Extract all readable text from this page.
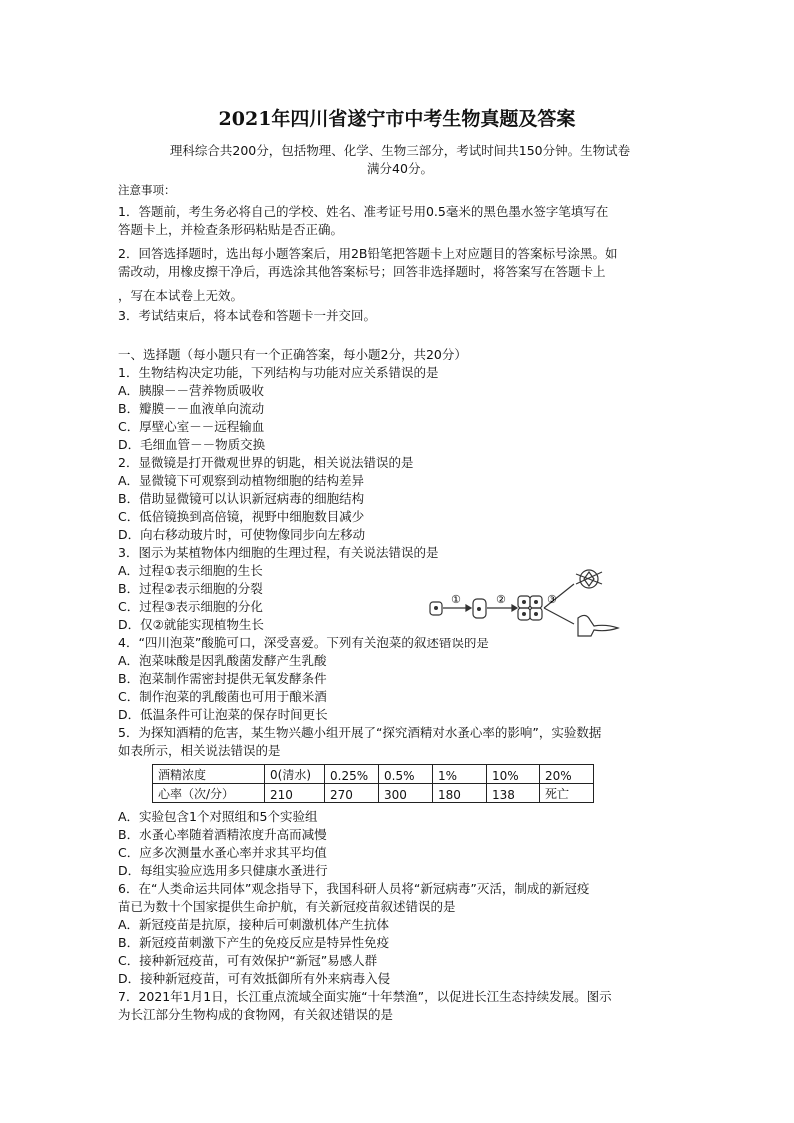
2021年四川省遂宁市中考生物真题及答案
理科综合共200分，包括物理、化学、生物三部分，考试时间共150分钟。生物试卷
满分40分。
注意事项：
1．答题前，考生务必将自己的学校、姓名、准考证号用0.5毫米的黑色墨水签字笔填写在
答题卡上，并检查条形码粘贴是否正确。
2．回答选择题时，选出每小题答案后，用2B铅笔把答题卡上对应题目的答案标号涂黑。如
需改动，用橡皮擦干净后，再选涂其他答案标号；回答非选择题时，将答案写在答题卡上
，写在本试卷上无效。
3．考试结束后，将本试卷和答题卡一并交回。
一、选择题（每小题只有一个正确答案，每小题2分，共20分）
1．生物结构决定功能，下列结构与功能对应关系错误的是
A．胰腺－－营养物质吸收
B．瓣膜－－血液单向流动
C．厚壁心室－－远程输血
D．毛细血管－－物质交换
2．显微镜是打开微观世界的钥匙，相关说法错误的是
A．显微镜下可观察到动植物细胞的结构差异
B．借助显微镜可以认识新冠病毒的细胞结构
C．低倍镜换到高倍镜，视野中细胞数目减少
D．向右移动玻片时，可使物像同步向左移动
3．图示为某植物体内细胞的生理过程，有关说法错误的是
A．过程①表示细胞的生长
B．过程②表示细胞的分裂
C．过程③表示细胞的分化
D．仅②就能实现植物生长
4．“四川泡菜”酸脆可口，深受喜爱。下列有关泡菜的叙述错误的是
A．泡菜味酸是因乳酸菌发酵产生乳酸
B．泡菜制作需密封提供无氧发酵条件
C．制作泡菜的乳酸菌也可用于酿米酒
D．低温条件可让泡菜的保存时间更长
5．为探知酒精的危害，某生物兴趣小组开展了“探究酒精对水蚤心率的影响”，实验数据
如表所示，相关说法错误的是
酒精浓度	0(清水)	0.25%	0.5%	1%	10%	20%
心率（次/分）	210	270	300	180	138	死亡
A．实验包含1个对照组和5个实验组
B．水蚤心率随着酒精浓度升高而减慢
C．应多次测量水蚤心率并求其平均值
D．每组实验应选用多只健康水蚤进行
6．在“人类命运共同体”观念指导下，我国科研人员将“新冠病毒”灭活，制成的新冠疫
苗已为数十个国家提供生命护航，有关新冠疫苗叙述错误的是
A．新冠疫苗是抗原，接种后可刺激机体产生抗体
B．新冠疫苗刺激下产生的免疫反应是特异性免疫
C．接种新冠疫苗，可有效保护“新冠”易感人群
D．接种新冠疫苗，可有效抵御所有外来病毒入侵
7．2021年1月1日，长江重点流域全面实施“十年禁渔”，以促进长江生态持续发展。图示
为长江部分生物构成的食物网，有关叙述错误的是
①	②	③
